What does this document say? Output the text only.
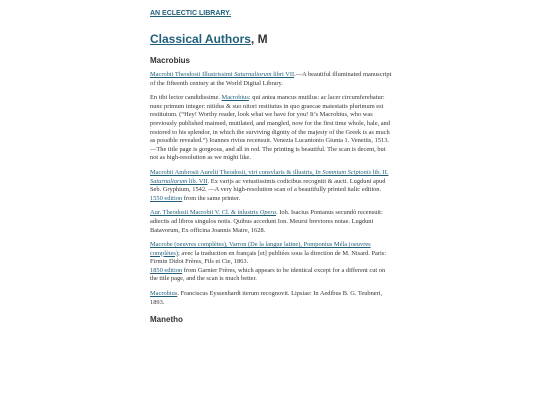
AN ECLECTIC LIBRARY.
Classical Authors, M
Macrobius

Macrobii Theodosii Illustrissimi Saturnaliorum libri VII.—A beautiful illuminated manuscript of the fifteenth century at the World Digital Library.

En tibi lector candidissime. Macrobius: qui antea mancus mutilus: ac lacer circumferebatur: nunc primum integer: nitidus & suo nitori restitutus in quo graecae maiestatis plurimum est restitutum. (“Hey! Worthy reader, look what we have for you! It’s Macrobius, who was previously published maimed, mutilated, and mangled, now for the first time whole, hale, and restored to his splendor, in which the surviving dignity of the majesty of the Greek is as much as possible revealed.”) Ioannes rivius recensuit. Venezia Lucantonio Giunta 1. Venetiis, 1513. —The title page is gorgeous, and all in red. The printing is beautiful. The scan is decent, but not as high-resolution as we might like.

Macrobii Ambrosii Aurelii Theodosii, viri consvlaris & illustris, In Somnium Scipionis lib. II. Saturnaliorum lib. VII. Ex varijs ac vetustissimis codicibus recogniti & aucti. Lugduni apud Seb. Gryphium, 1542. —A very high-resolution scan of a beautifully printed italic edition.
1550 edition from the same printer.

Aur. Theodosii Macrobii V. Cl. & inlustris Opera. Ioh. Isacius Pontanus secundò recensuit: adiectis ad libros singulos notis. Quibus accedunt Ion. Meursi breviores notae. Lugduni Batavorum, Ex officina Joannis Maire, 1628.

Macrobe (oeuvres complètes), Varron (De la langue latine), Pomponius Méla (oeuvres complètes); avec la traduction en français [et] publiées sous la direction de M. Nisard. Paris: Firmin Didot Frères, Fils et Cie, 1863.
1850 edition from Garnier Frères, which appears to be identical except for a different cut on the title page, and the scan is much better.

Macrobius. Franciscus Eyssenhardt iterum recognovit. Lipsiae: In Aedibus B. G. Teubneri, 1893.

Manetho
